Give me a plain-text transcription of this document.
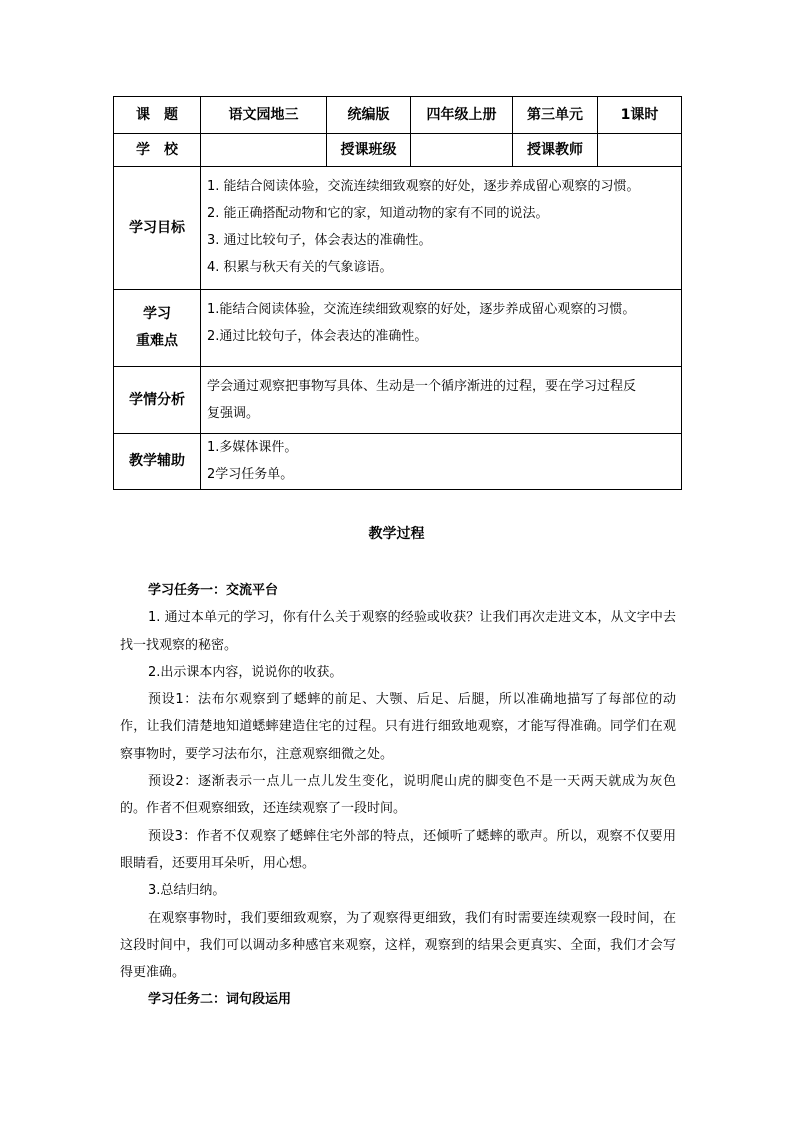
课　题	语文园地三	统编版	四年级上册	第三单元	1课时
学　校		授课班级		授课教师	
学习目标	1. 能结合阅读体验，交流连续细致观察的好处，逐步养成留心观察的习惯。
2. 能正确搭配动物和它的家，知道动物的家有不同的说法。
3. 通过比较句子，体会表达的准确性。
4. 积累与秋天有关的气象谚语。				

学习
重难点	1.能结合阅读体验，交流连续细致观察的好处，逐步养成留心观察的习惯。
2.通过比较句子，体会表达的准确性。				

学情分析	学会通过观察把事物写具体、生动是一个循序渐进的过程，要在学习过程反
复强调。				

教学辅助	1.多媒体课件。
2学习任务单。				
教学过程
学习任务一：交流平台
1. 通过本单元的学习，你有什么关于观察的经验或收获？让我们再次走进文本，从文字中去找一找观察的秘密。
2.出示课本内容，说说你的收获。
预设1：法布尔观察到了蟋蟀的前足、大颚、后足、后腿，所以准确地描写了每部位的动作，让我们清楚地知道蟋蟀建造住宅的过程。只有进行细致地观察，才能写得准确。同学们在观察事物时，要学习法布尔，注意观察细微之处。
预设2：逐渐表示一点儿一点儿发生变化，说明爬山虎的脚变色不是一天两天就成为灰色的。作者不但观察细致，还连续观察了一段时间。
预设3：作者不仅观察了蟋蟀住宅外部的特点，还倾听了蟋蟀的歌声。所以，观察不仅要用眼睛看，还要用耳朵听，用心想。
3.总结归纳。
在观察事物时，我们要细致观察，为了观察得更细致，我们有时需要连续观察一段时间，在这段时间中，我们可以调动多种感官来观察，这样，观察到的结果会更真实、全面，我们才会写得更准确。
学习任务二：词句段运用
